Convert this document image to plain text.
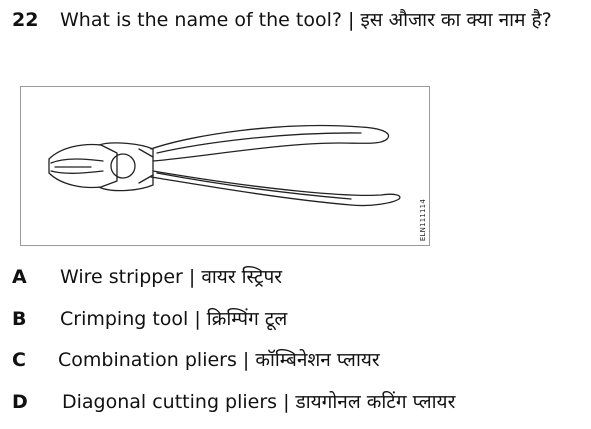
22 What is the name of the tool? | इस औजार का क्या नाम है?
ELN111114
A Wire stripper | वायर स्ट्रिपर
B Crimping tool | क्रिम्पिंग टूल
C Combination pliers | कॉम्बिनेशन प्लायर
D Diagonal cutting pliers | डायगोनल कटिंग प्लायर
